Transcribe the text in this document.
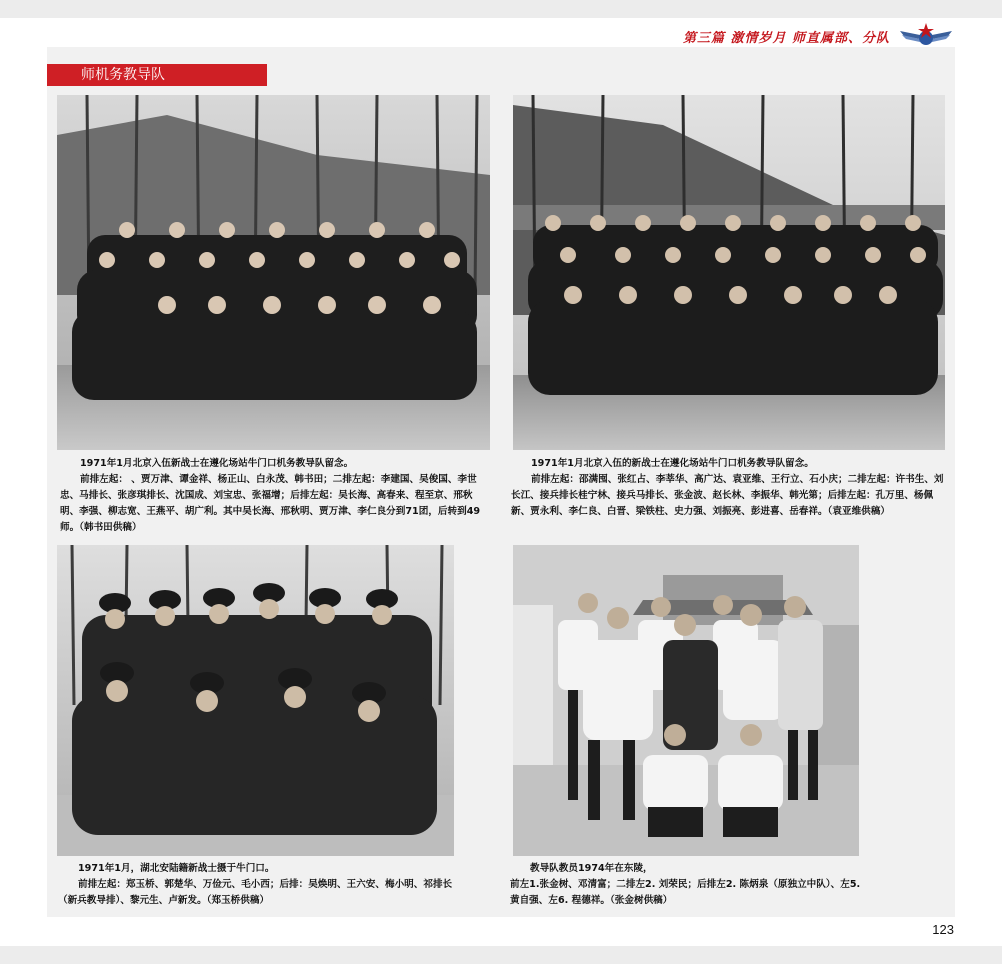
第三篇 激情岁月 师直属部、分队
师机务教导队

1971年1月北京入伍新战士在遵化场站牛门口机务教导队留念。

前排左起： 、贾万津、谭金祥、杨正山、白永茂、韩书田；二排左起：李建国、吴俊国、李世忠、马排长、张彦琪排长、沈国成、刘宝忠、张福增；后排左起：吴长海、高春来、程至京、邢秋明、李强、柳志宽、王燕平、胡广利。其中吴长海、邢秋明、贾万津、李仁良分到71团，后转到49师。（韩书田供稿）

1971年1月北京入伍的新战士在遵化场站牛门口机务教导队留念。

前排左起：邵满囤、张红占、李莘华、高广达、袁亚维、王行立、石小庆；二排左起：许书生、刘长江、接兵排长桂宁林、接兵马排长、张金波、赵长林、李振华、韩光第；后排左起：孔万里、杨佩新、贾永利、李仁良、白晋、梁铁柱、史力强、刘振亮、彭进喜、岳春祥。（袁亚维供稿）

1971年1月，湖北安陆籍新战士摄于牛门口。

前排左起：郑玉桥、郭楚华、万俭元、毛小西；后排：吴焕明、王六安、梅小明、祁排长（新兵教导排）、黎元生、卢新发。（郑玉桥供稿）

教导队教员1974年在东陵，

前左1.张金树、邓清富；二排左2. 刘荣民；后排左2. 陈炳泉（原独立中队）、左5. 黄自强、左6. 程德祥。（张金树供稿）

123
